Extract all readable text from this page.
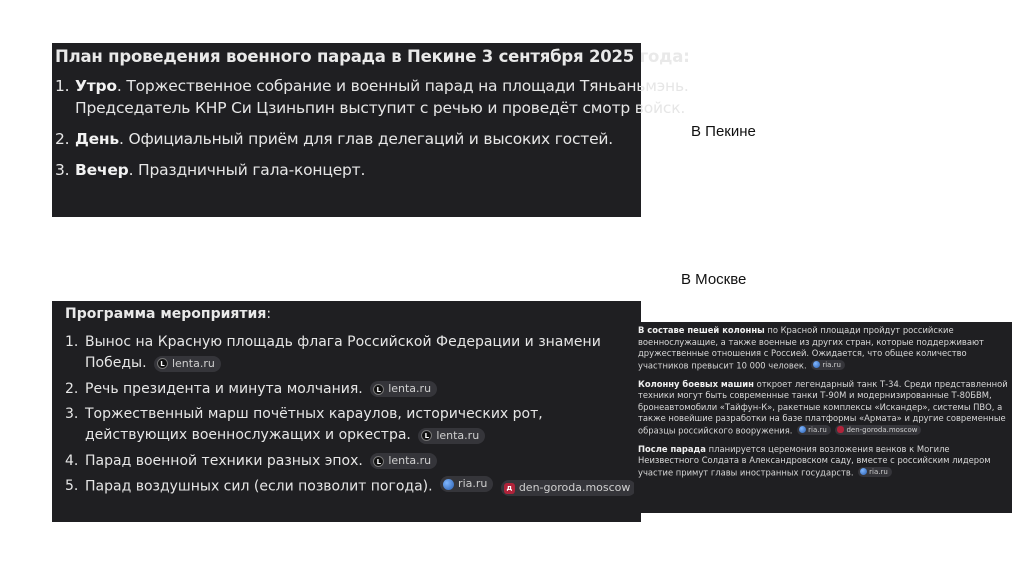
В Пекине
В Москве
План проведения военного парада в Пекине 3 сентября 2025 года:
1. Утро. Торжественное собрание и военный парад на площади Тяньаньмэнь.
Председатель КНР Си Цзиньпин выступит с речью и проведёт смотр войск.
2. День. Официальный приём для глав делегаций и высоких гостей.
3. Вечер. Праздничный гала-концерт.
Программа мероприятия:
1. Вынос на Красную площадь флага Российской Федерации и знамени Победы.	L lenta.ru
2. Речь президента и минута молчания.	L lenta.ru
3. Торжественный марш почётных караулов, исторических рот, действующих военнослужащих и оркестра.	L lenta.ru
4. Парад военной техники разных эпох.	L lenta.ru
5. Парад воздушных сил (если позволит погода). ria.ru
	д den-goroda.moscow

В составе пешей колонны по Красной площади пройдут российские военнослужащие, а также военные из других стран, которые поддерживают дружественные отношения с Россией. Ожидается, что общее количество участников превысит 10 000 человек. ria.ru

Колонну боевых машин откроет легендарный танк Т-34. Среди представленной техники могут быть современные танки Т-90М и модернизированные Т-80БВМ, бронеавтомобили «Тайфун-К», ракетные комплексы «Искандер», системы ПВО, а также новейшие разработки на базе платформы «Армата» и другие современные образцы российского вооружения. ria.ru
	den-goroda.moscow

После парада планируется церемония возложения венков к Могиле Неизвестного Солдата в Александровском саду, вместе с российским лидером участие примут главы иностранных государств. ria.ru
